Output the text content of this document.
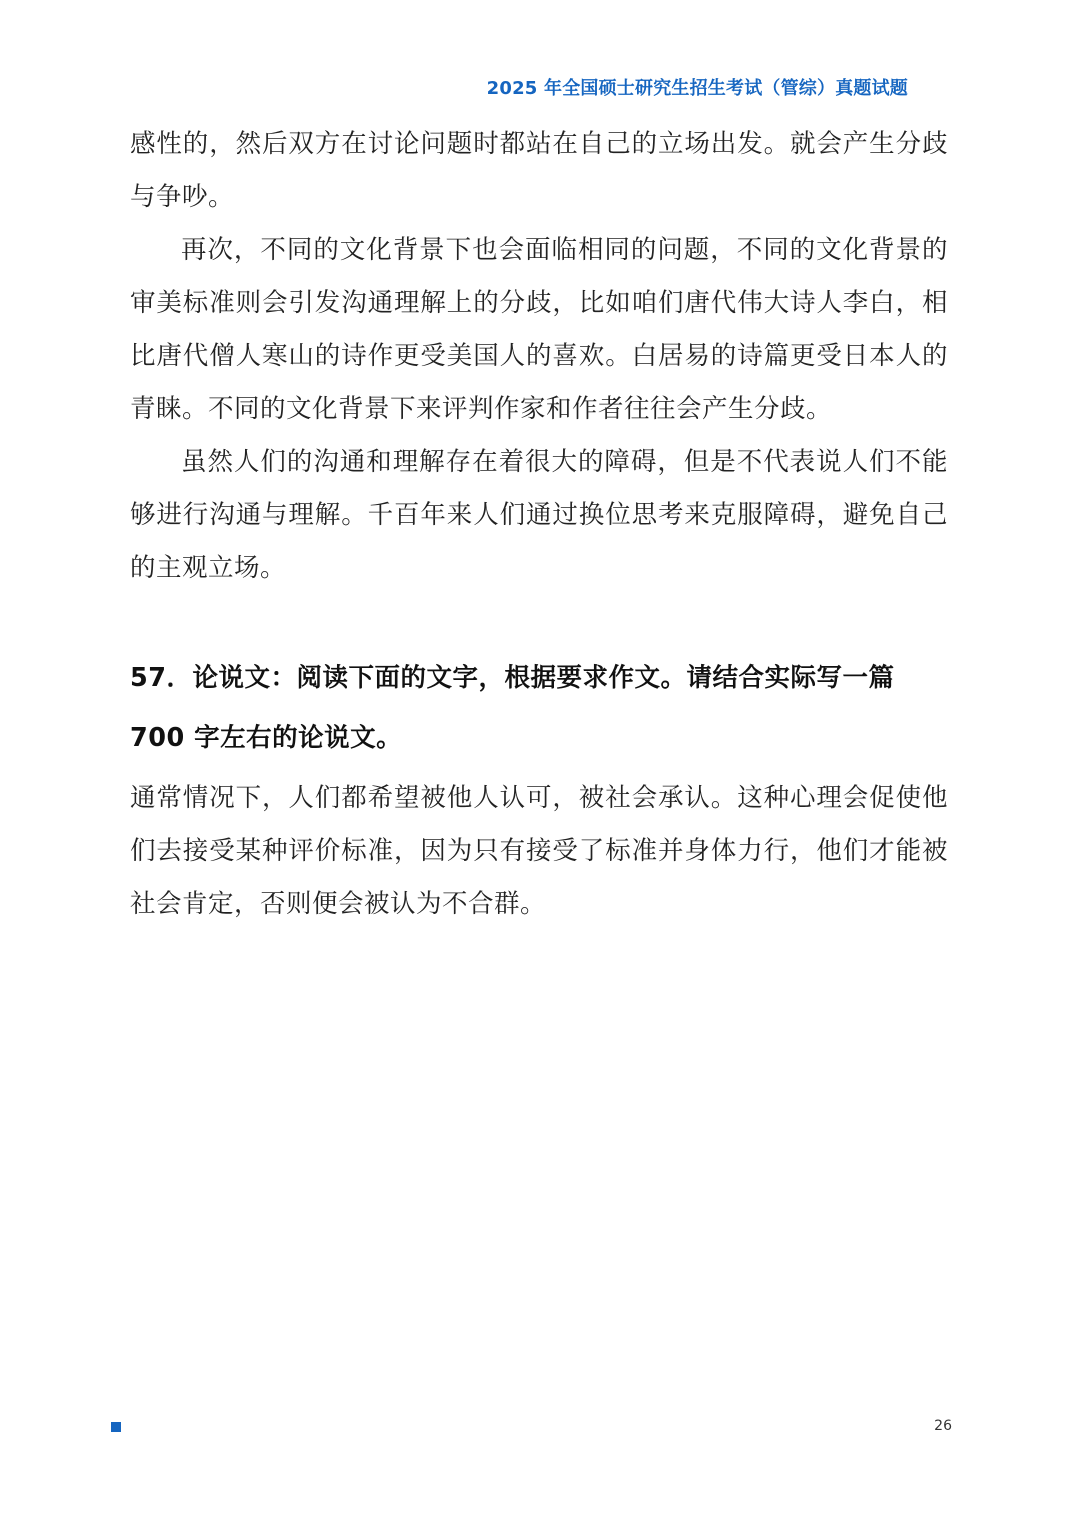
2025 年全国硕士研究生招生考试（管综）真题试题

感性的，然后双方在讨论问题时都站在自己的立场出发。就会产生分歧与争吵。

再次，不同的文化背景下也会面临相同的问题，不同的文化背景的审美标准则会引发沟通理解上的分歧，比如咱们唐代伟大诗人李白，相比唐代僧人寒山的诗作更受美国人的喜欢。白居易的诗篇更受日本人的青睐。不同的文化背景下来评判作家和作者往往会产生分歧。

虽然人们的沟通和理解存在着很大的障碍，但是不代表说人们不能够进行沟通与理解。千百年来人们通过换位思考来克服障碍，避免自己的主观立场。

57．论说文：阅读下面的文字，根据要求作文。请结合实际写一篇 700 字左右的论说文。

通常情况下，人们都希望被他人认可，被社会承认。这种心理会促使他们去接受某种评价标准，因为只有接受了标准并身体力行，他们才能被社会肯定，否则便会被认为不合群。

26
